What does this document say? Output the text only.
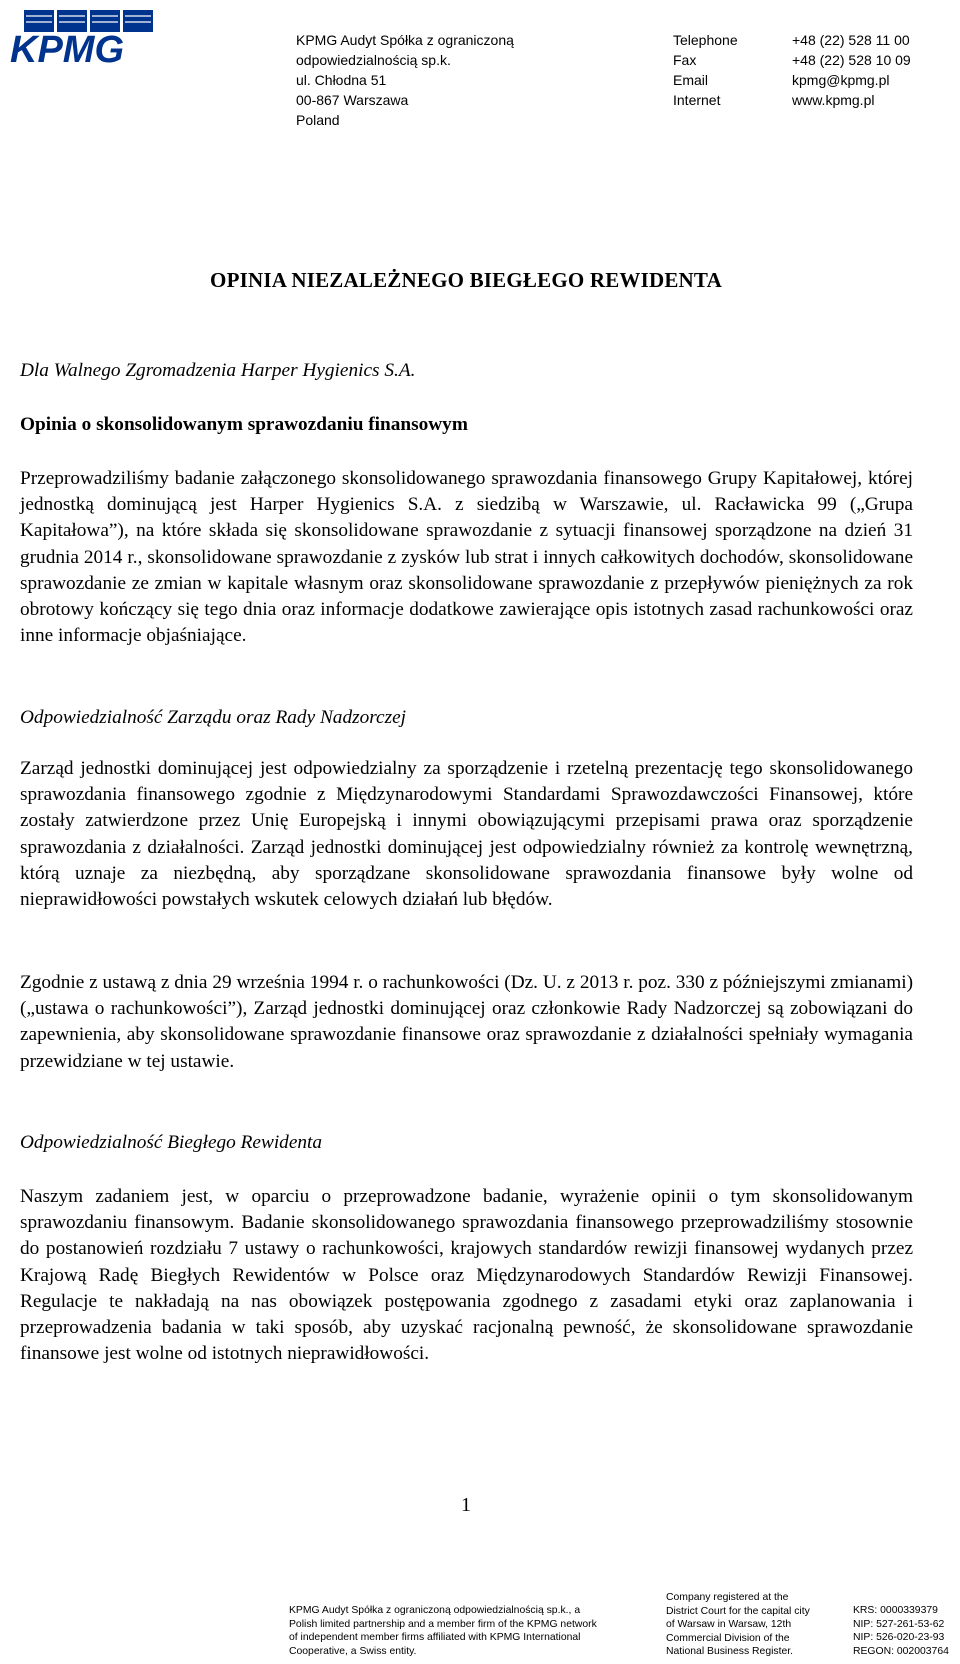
KPMG	KPMG Audyt Spółka z ograniczoną
odpowiedzialnością sp.k.
ul. Chłodna 51
00-867 Warszawa
Poland
Telephone	+48 (22) 528 11 00
Fax	+48 (22) 528 10 09
Email	kpmg@kpmg.pl
Internet	www.kpmg.pl
OPINIA NIEZALEŻNEGO BIEGŁEGO REWIDENTA
Dla Walnego Zgromadzenia Harper Hygienics S.A.
Opinia o skonsolidowanym sprawozdaniu finansowym

Przeprowadziliśmy badanie załączonego skonsolidowanego sprawozdania finansowego Grupy Kapitałowej, której jednostką dominującą jest Harper Hygienics S.A. z siedzibą w Warszawie, ul. Racławicka 99 („Grupa Kapitałowa”), na które składa się skonsolidowane sprawozdanie z sytuacji finansowej sporządzone na dzień 31 grudnia 2014 r., skonsolidowane sprawozdanie z zysków lub strat i innych całkowitych dochodów, skonsolidowane sprawozdanie ze zmian w kapitale własnym oraz skonsolidowane sprawozdanie z przepływów pieniężnych za rok obrotowy kończący się tego dnia oraz informacje dodatkowe zawierające opis istotnych zasad rachunkowości oraz inne informacje objaśniające.

Odpowiedzialność Zarządu oraz Rady Nadzorczej

Zarząd jednostki dominującej jest odpowiedzialny za sporządzenie i rzetelną prezentację tego skonsolidowanego sprawozdania finansowego zgodnie z Międzynarodowymi Standardami Sprawozdawczości Finansowej, które zostały zatwierdzone przez Unię Europejską i innymi obowiązującymi przepisami prawa oraz sporządzenie sprawozdania z działalności. Zarząd jednostki dominującej jest odpowiedzialny również za kontrolę wewnętrzną, którą uznaje za niezbędną, aby sporządzane skonsolidowane sprawozdania finansowe były wolne od nieprawidłowości powstałych wskutek celowych działań lub błędów.

Zgodnie z ustawą z dnia 29 września 1994 r. o rachunkowości (Dz. U. z 2013 r. poz. 330 z późniejszymi zmianami) („ustawa o rachunkowości”), Zarząd jednostki dominującej oraz członkowie Rady Nadzorczej są zobowiązani do zapewnienia, aby skonsolidowane sprawozdanie finansowe oraz sprawozdanie z działalności spełniały wymagania przewidziane w tej ustawie.

Odpowiedzialność Biegłego Rewidenta

Naszym zadaniem jest, w oparciu o przeprowadzone badanie, wyrażenie opinii o tym skonsolidowanym sprawozdaniu finansowym. Badanie skonsolidowanego sprawozdania finansowego przeprowadziliśmy stosownie do postanowień rozdziału 7 ustawy o rachunkowości, krajowych standardów rewizji finansowej wydanych przez Krajową Radę Biegłych Rewidentów w Polsce oraz Międzynarodowych Standardów Rewizji Finansowej. Regulacje te nakładają na nas obowiązek postępowania zgodnego z zasadami etyki oraz zaplanowania i przeprowadzenia badania w taki sposób, aby uzyskać racjonalną pewność, że skonsolidowane sprawozdanie finansowe jest wolne od istotnych nieprawidłowości.

1
KPMG Audyt Spółka z ograniczoną odpowiedzialnością sp.k., a
Polish limited partnership and a member firm of the KPMG network
of independent member firms affiliated with KPMG International
Cooperative, a Swiss entity.
Company registered at the
District Court for the capital city
of Warsaw in Warsaw, 12th
Commercial Division of the
National Business Register.
KRS: 0000339379
NIP: 527-261-53-62
NIP: 526-020-23-93
REGON: 002003764
